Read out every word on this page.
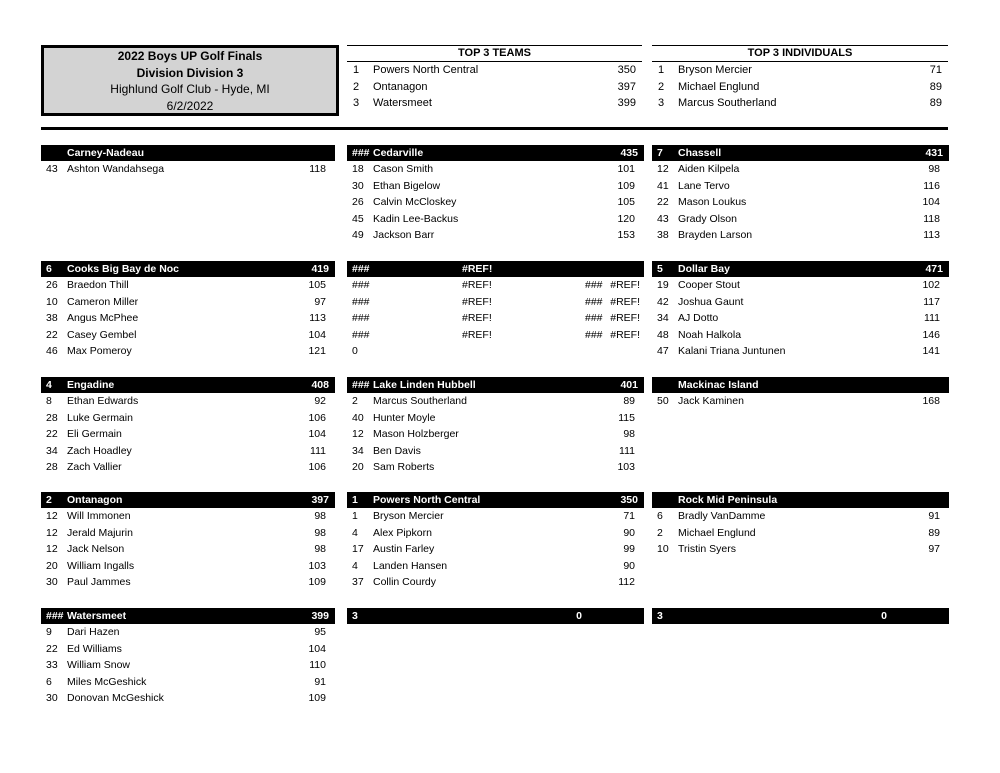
2022 Boys UP Golf Finals
Division Division 3
Highlund Golf Club - Hyde, MI
6/2/2022
TOP 3 TEAMS
1 Powers North Central	350
2 Ontanagon	397
3 Watersmeet	399
TOP 3 INDIVIDUALS
1 Bryson Mercier	71
2 Michael Englund	89
3 Marcus Southerland	89
Carney-Nadeau
43 Ashton Wandahsega	118
### Cedarville	435
18 Cason Smith	101
30 Ethan Bigelow	109
26 Calvin McCloskey	105
45 Kadin Lee-Backus	120
49 Jackson Barr	153
7 Chassell	431
12 Aiden Kilpela	98
41 Lane Tervo	116
22 Mason Loukus	104
43 Grady Olson	118
38 Brayden Larson	113
6 Cooks Big Bay de Noc	419
26 Braedon Thill	105
10 Cameron Miller	97
38 Angus McPhee	113
22 Casey Gembel	104
46 Max Pomeroy	121
###	#REF!
###	#REF!	### #REF!
###	#REF!	### #REF!
###	#REF!	### #REF!
###	#REF!	### #REF!
0
5 Dollar Bay	471
19 Cooper Stout	102
42 Joshua Gaunt	117
34 AJ Dotto	111
48 Noah Halkola	146
47 Kalani Triana Juntunen	141
4 Engadine	408
8	Ethan Edwards	92
28 Luke Germain	106
22 Eli Germain	104
34 Zach Hoadley	111
28 Zach Vallier	106
### Lake Linden Hubbell	401
2	Marcus Southerland	89
40 Hunter Moyle	115
12 Mason Holzberger	98
34 Ben Davis	111
20 Sam Roberts	103
Mackinac Island
50 Jack Kaminen	168
2 Ontanagon	397
12 Will Immonen	98
12 Jerald Majurin	98
12 Jack Nelson	98
20 William Ingalls	103
30 Paul Jammes	109
1 Powers North Central	350
1	Bryson Mercier	71
4	Alex Pipkorn	90
17 Austin Farley	99
4	Landen Hansen	90
37 Collin Courdy	112
Rock Mid Peninsula
6	Bradly VanDamme	91
2	Michael Englund	89
10 Tristin Syers	97
### Watersmeet	399
9	Dari Hazen	95
22 Ed Williams	104
33 William Snow	110
6	Miles McGeshick	91
30 Donovan McGeshick	109
3	0	3	0
